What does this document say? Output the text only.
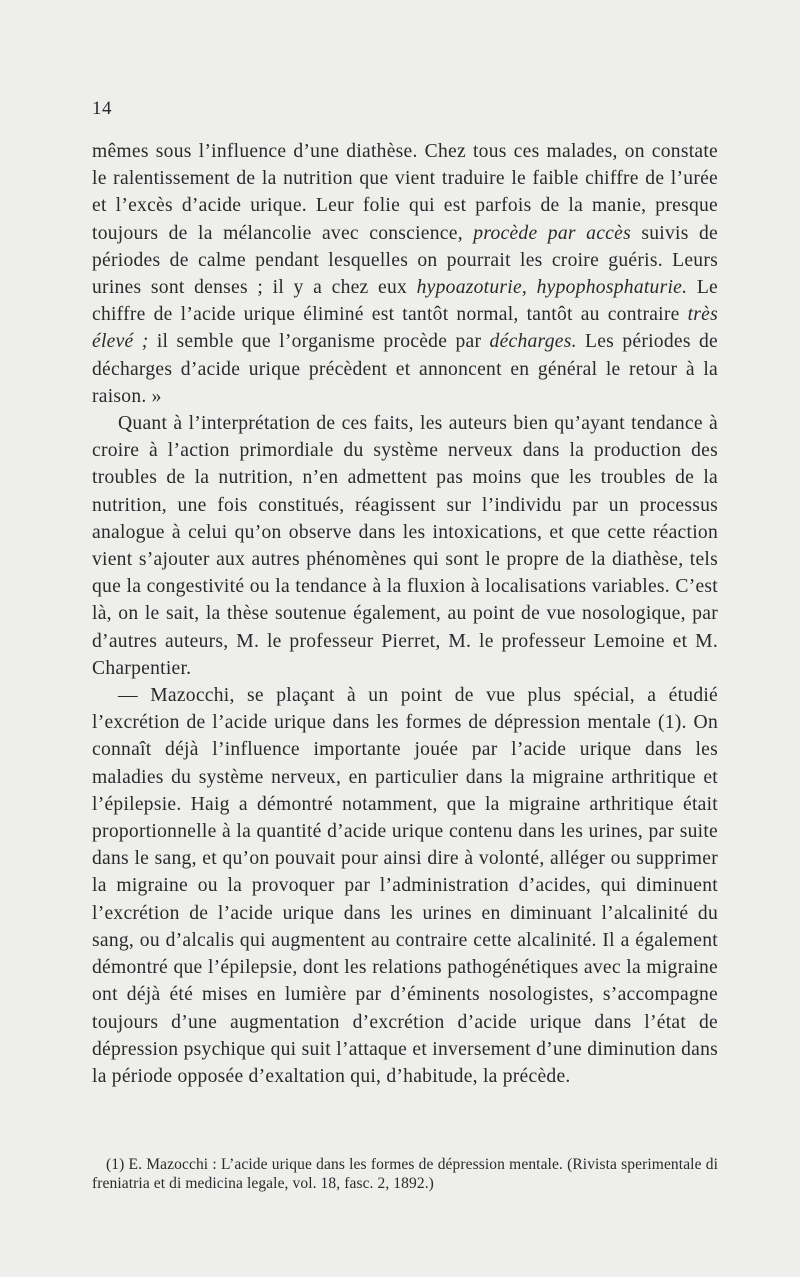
14

mêmes sous l’influence d’une diathèse. Chez tous ces malades, on constate le ralentissement de la nutrition que vient traduire le faible chiffre de l’urée et l’excès d’acide urique. Leur folie qui est parfois de la manie, presque toujours de la mélancolie avec conscience, procède par accès suivis de périodes de calme pendant lesquelles on pourrait les croire guéris. Leurs urines sont denses ; il y a chez eux hypoazoturie, hypophosphaturie. Le chiffre de l’acide urique éliminé est tantôt normal, tantôt au contraire très élevé ; il semble que l’organisme procède par décharges. Les périodes de décharges d’acide urique précèdent et annoncent en général le retour à la raison. »

Quant à l’interprétation de ces faits, les auteurs bien qu’ayant tendance à croire à l’action primordiale du système nerveux dans la production des troubles de la nutrition, n’en admettent pas moins que les troubles de la nutrition, une fois constitués, réagissent sur l’individu par un processus analogue à celui qu’on observe dans les intoxications, et que cette réaction vient s’ajouter aux autres phénomènes qui sont le propre de la diathèse, tels que la congestivité ou la tendance à la fluxion à localisations variables. C’est là, on le sait, la thèse soutenue également, au point de vue nosologique, par d’autres auteurs, M. le professeur Pierret, M. le professeur Lemoine et M. Charpentier.

— Mazocchi, se plaçant à un point de vue plus spécial, a étudié l’excrétion de l’acide urique dans les formes de dépression mentale (1). On connaît déjà l’influence importante jouée par l’acide urique dans les maladies du système nerveux, en particulier dans la migraine arthritique et l’épilepsie. Haig a démontré notamment, que la migraine arthritique était proportionnelle à la quantité d’acide urique contenu dans les urines, par suite dans le sang, et qu’on pouvait pour ainsi dire à volonté, alléger ou supprimer la migraine ou la provoquer par l’administration d’acides, qui diminuent l’excrétion de l’acide urique dans les urines en diminuant l’alcalinité du sang, ou d’alcalis qui augmentent au contraire cette alcalinité. Il a également démontré que l’épilepsie, dont les relations pathogénétiques avec la migraine ont déjà été mises en lumière par d’éminents nosologistes, s’accompagne toujours d’une augmentation d’excrétion d’acide urique dans l’état de dépression psychique qui suit l’attaque et inversement d’une diminution dans la période opposée d’exaltation qui, d’habitude, la précède.

(1) E. Mazocchi : L’acide urique dans les formes de dépression mentale. (Rivista sperimentale di freniatria et di medicina legale, vol. 18, fasc. 2, 1892.)
